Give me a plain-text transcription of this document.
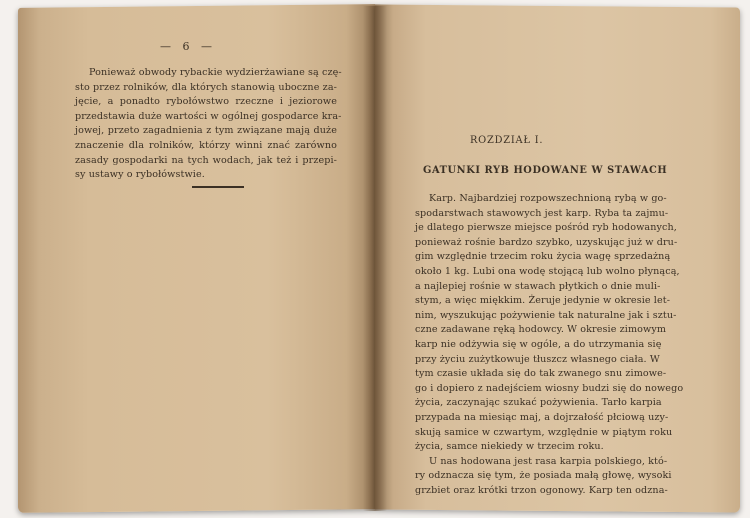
— 6 —
Ponieważ obwody rybackie wydzierżawiane są czę-
sto przez rolników, dla których stanowią uboczne za-
jęcie, a ponadto rybołówstwo rzeczne i jeziorowe
przedstawia duże wartości w ogólnej gospodarce kra-
jowej, przeto zagadnienia z tym związane mają duże
znaczenie dla rolników, którzy winni znać zarówno
zasady gospodarki na tych wodach, jak też i przepi-
sy ustawy o rybołówstwie.
ROZDZIAŁ I.
GATUNKI RYB HODOWANE W STAWACH
Karp. Najbardziej rozpowszechnioną rybą w go-
spodarstwach stawowych jest karp. Ryba ta zajmu-
je dlatego pierwsze miejsce pośród ryb hodowanych,
ponieważ rośnie bardzo szybko, uzyskując już w dru-
gim względnie trzecim roku życia wagę sprzedażną
około 1 kg. Lubi ona wodę stojącą lub wolno płynącą,
a najlepiej rośnie w stawach płytkich o dnie muli-
stym, a więc miękkim. Żeruje jedynie w okresie let-
nim, wyszukując pożywienie tak naturalne jak i sztu-
czne zadawane ręką hodowcy. W okresie zimowym
karp nie odżywia się w ogóle, a do utrzymania się
przy życiu zużytkowuje tłuszcz własnego ciała. W
tym czasie układa się do tak zwanego snu zimowe-
go i dopiero z nadejściem wiosny budzi się do nowego
życia, zaczynając szukać pożywienia. Tarło karpia
przypada na miesiąc maj, a dojrzałość płciową uzy-
skują samice w czwartym, względnie w piątym roku
życia, samce niekiedy w trzecim roku.
U nas hodowana jest rasa karpia polskiego, któ-
ry odznacza się tym, że posiada małą głowę, wysoki
grzbiet oraz krótki trzon ogonowy. Karp ten odzna-
